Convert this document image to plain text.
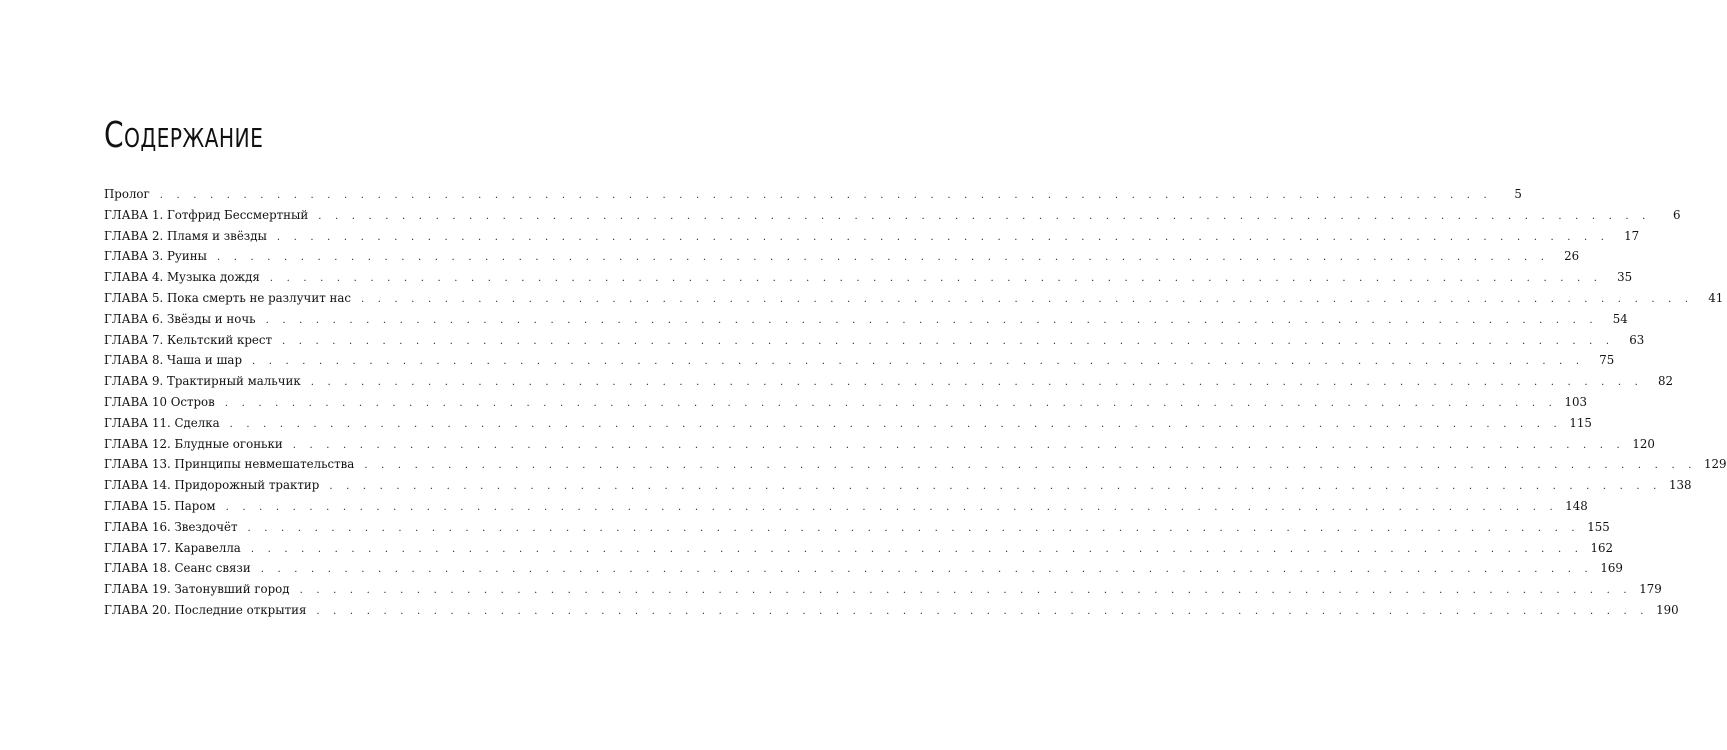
СОДЕРЖАНИЕ
Пролог	. . . . . . . . . . . . . . . . . . . . . . . . . . . . . . . . . . . . . . . . . . . . . . . . . . . . . . . . . . . . . . . . . . . . . . . . . . . . . . . .	5
ГЛАВА 1. Готфрид Бессмертный	. . . . . . . . . . . . . . . . . . . . . . . . . . . . . . . . . . . . . . . . . . . . . . . . . . . . . . . . . . . . . . . . . . . . . . . . . . . . . . . .	6
ГЛАВА 2. Пламя и звёзды	. . . . . . . . . . . . . . . . . . . . . . . . . . . . . . . . . . . . . . . . . . . . . . . . . . . . . . . . . . . . . . . . . . . . . . . . . . . . . . . .	17
ГЛАВА 3. Руины	. . . . . . . . . . . . . . . . . . . . . . . . . . . . . . . . . . . . . . . . . . . . . . . . . . . . . . . . . . . . . . . . . . . . . . . . . . . . . . . .	26
ГЛАВА 4. Музыка дождя	. . . . . . . . . . . . . . . . . . . . . . . . . . . . . . . . . . . . . . . . . . . . . . . . . . . . . . . . . . . . . . . . . . . . . . . . . . . . . . . .	35
ГЛАВА 5. Пока смерть не разлучит нас	. . . . . . . . . . . . . . . . . . . . . . . . . . . . . . . . . . . . . . . . . . . . . . . . . . . . . . . . . . . . . . . . . . . . . . . . . . . . . . . .	41
ГЛАВА 6. Звёзды и ночь	. . . . . . . . . . . . . . . . . . . . . . . . . . . . . . . . . . . . . . . . . . . . . . . . . . . . . . . . . . . . . . . . . . . . . . . . . . . . . . . .	54
ГЛАВА 7. Кельтский крест	. . . . . . . . . . . . . . . . . . . . . . . . . . . . . . . . . . . . . . . . . . . . . . . . . . . . . . . . . . . . . . . . . . . . . . . . . . . . . . . .	63
ГЛАВА 8. Чаша и шар	. . . . . . . . . . . . . . . . . . . . . . . . . . . . . . . . . . . . . . . . . . . . . . . . . . . . . . . . . . . . . . . . . . . . . . . . . . . . . . . .	75
ГЛАВА 9. Трактирный мальчик	. . . . . . . . . . . . . . . . . . . . . . . . . . . . . . . . . . . . . . . . . . . . . . . . . . . . . . . . . . . . . . . . . . . . . . . . . . . . . . . .	82
ГЛАВА 10 Остров	. . . . . . . . . . . . . . . . . . . . . . . . . . . . . . . . . . . . . . . . . . . . . . . . . . . . . . . . . . . . . . . . . . . . . . . . . . . . . . . . 103
ГЛАВА 11. Сделка	. . . . . . . . . . . . . . . . . . . . . . . . . . . . . . . . . . . . . . . . . . . . . . . . . . . . . . . . . . . . . . . . . . . . . . . . . . . . . . . . 115
ГЛАВА 12. Блудные огоньки	. . . . . . . . . . . . . . . . . . . . . . . . . . . . . . . . . . . . . . . . . . . . . . . . . . . . . . . . . . . . . . . . . . . . . . . . . . . . . . . . 120
ГЛАВА 13. Принципы невмешательства	. . . . . . . . . . . . . . . . . . . . . . . . . . . . . . . . . . . . . . . . . . . . . . . . . . . . . . . . . . . . . . . . . . . . . . . . . . . . . . . . 129
ГЛАВА 14. Придорожный трактир	. . . . . . . . . . . . . . . . . . . . . . . . . . . . . . . . . . . . . . . . . . . . . . . . . . . . . . . . . . . . . . . . . . . . . . . . . . . . . . . . 138
ГЛАВА 15. Паром	. . . . . . . . . . . . . . . . . . . . . . . . . . . . . . . . . . . . . . . . . . . . . . . . . . . . . . . . . . . . . . . . . . . . . . . . . . . . . . . . 148
ГЛАВА 16. Звездочёт	. . . . . . . . . . . . . . . . . . . . . . . . . . . . . . . . . . . . . . . . . . . . . . . . . . . . . . . . . . . . . . . . . . . . . . . . . . . . . . . . 155
ГЛАВА 17. Каравелла	. . . . . . . . . . . . . . . . . . . . . . . . . . . . . . . . . . . . . . . . . . . . . . . . . . . . . . . . . . . . . . . . . . . . . . . . . . . . . . . . 162
ГЛАВА 18. Сеанс связи	. . . . . . . . . . . . . . . . . . . . . . . . . . . . . . . . . . . . . . . . . . . . . . . . . . . . . . . . . . . . . . . . . . . . . . . . . . . . . . . . 169
ГЛАВА 19. Затонувший город	. . . . . . . . . . . . . . . . . . . . . . . . . . . . . . . . . . . . . . . . . . . . . . . . . . . . . . . . . . . . . . . . . . . . . . . . . . . . . . . . 179
ГЛАВА 20. Последние открытия	. . . . . . . . . . . . . . . . . . . . . . . . . . . . . . . . . . . . . . . . . . . . . . . . . . . . . . . . . . . . . . . . . . . . . . . . . . . . . . . . 190
